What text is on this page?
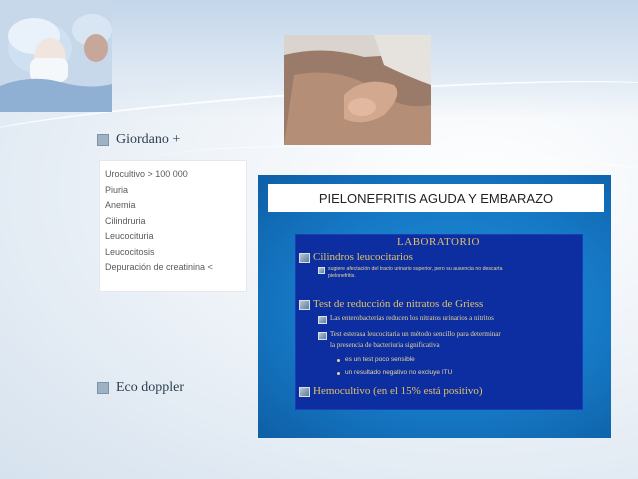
Giordano +
Urocultivo > 100 000
Piuria
Anemia
Cilindruria
Leucocituria
Leucocitosis
Depuración de creatinina <
Eco doppler
PIELONEFRITIS AGUDA Y EMBARAZO
LABORATORIO
Cilindros leucocitarios
sugiere afectación del tracto urinario superior, pero su ausencia no descarta
pielonefritis.
Test de reducción de nitratos de Griess
Las enterobacterias reducen los nitratos urinarios a nitritos
Test esterasa leucocitaria un método sencillo para determinar
la presencia de bacteriuria significativa
es un test poco sensible
un resultado negativo no excluye ITU
Hemocultivo (en el 15% está positivo)
